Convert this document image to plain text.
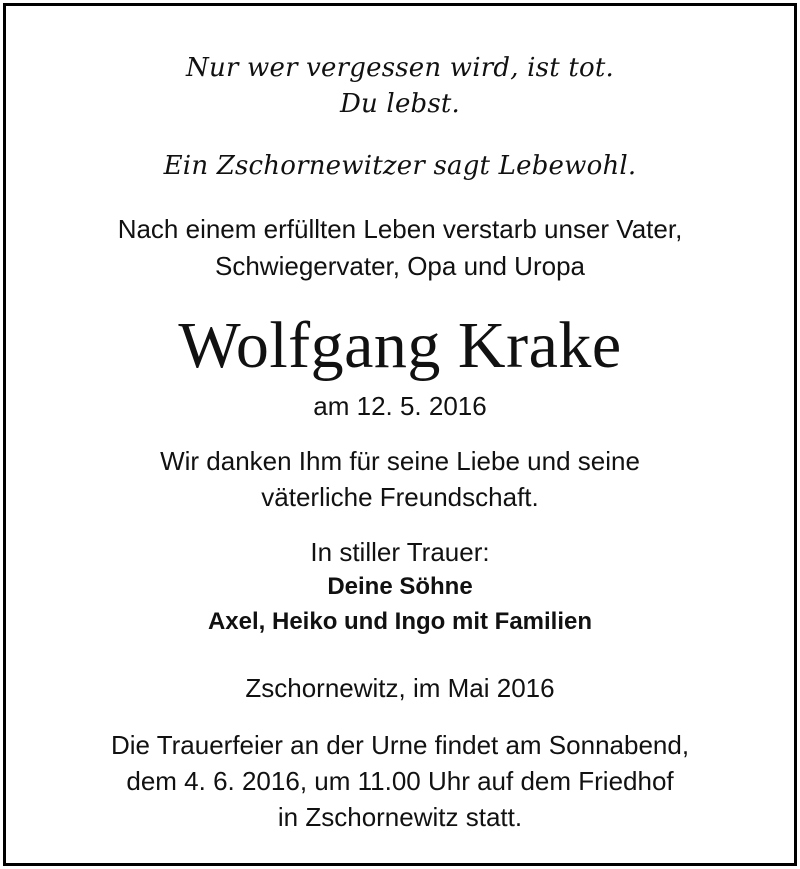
Nur wer vergessen wird, ist tot.
Du lebst.
Ein Zschornewitzer sagt Lebewohl.
Nach einem erfüllten Leben verstarb unser Vater,
Schwiegervater, Opa und Uropa
Wolfgang Krake
am 12. 5. 2016
Wir danken Ihm für seine Liebe und seine
väterliche Freundschaft.
In stiller Trauer:
Deine Söhne
Axel, Heiko und Ingo mit Familien
Zschornewitz, im Mai 2016
Die Trauerfeier an der Urne findet am Sonnabend,
dem 4. 6. 2016, um 11.00 Uhr auf dem Friedhof
in Zschornewitz statt.
